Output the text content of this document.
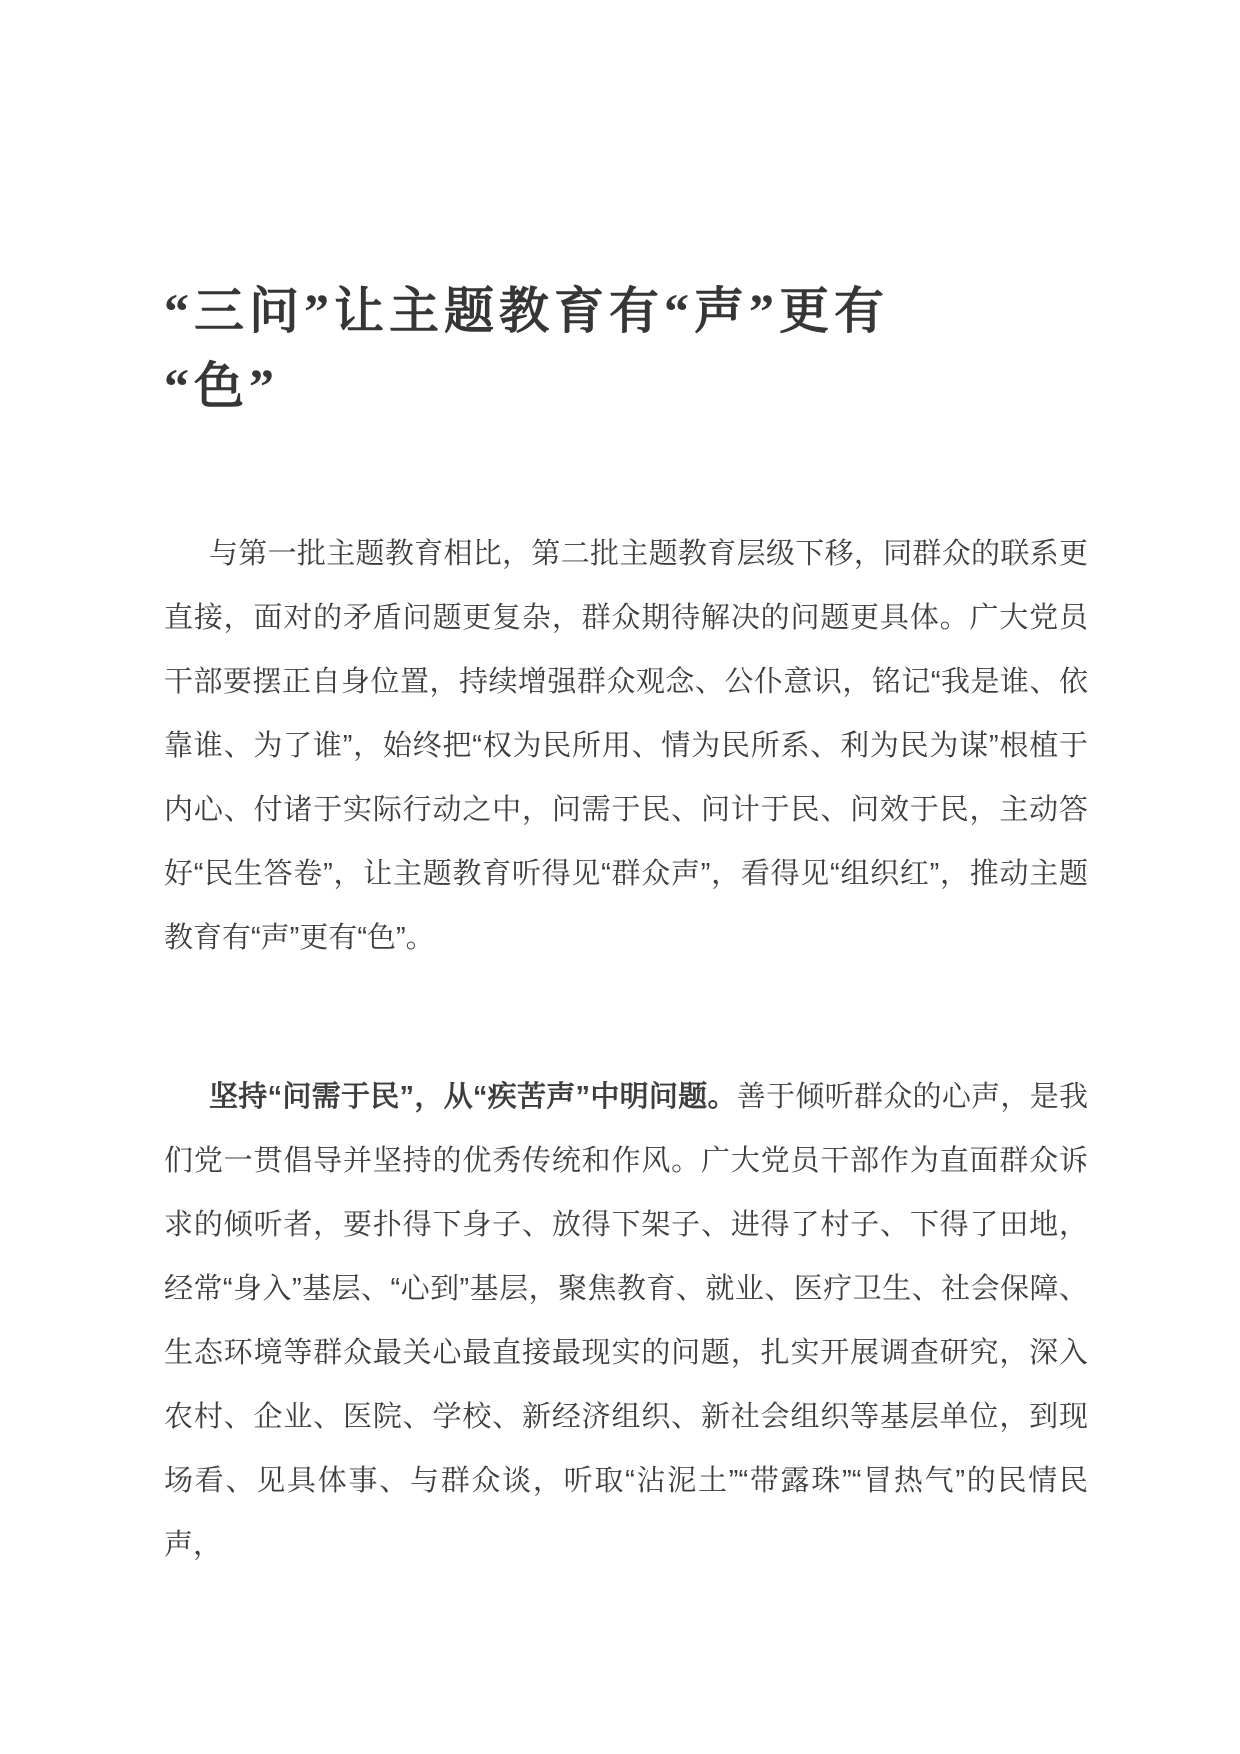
“三问”让主题教育有“声”更有
“色”

与第一批主题教育相比，第二批主题教育层级下移，同群众的联系更直接，面对的矛盾问题更复杂，群众期待解决的问题更具体。广大党员干部要摆正自身位置，持续增强群众观念、公仆意识，铭记“我是谁、依靠谁、为了谁”，始终把“权为民所用、情为民所系、利为民为谋”根植于内心、付诸于实际行动之中，问需于民、问计于民、问效于民，主动答好“民生答卷”，让主题教育听得见“群众声”，看得见“组织红”，推动主题教育有“声”更有“色”。

坚持“问需于民”，从“疾苦声”中明问题。善于倾听群众的心声，是我们党一贯倡导并坚持的优秀传统和作风。广大党员干部作为直面群众诉求的倾听者，要扑得下身子、放得下架子、进得了村子、下得了田地，经常“身入”基层、“心到”基层，聚焦教育、就业、医疗卫生、社会保障、生态环境等群众最关心最直接最现实的问题，扎实开展调查研究，深入农村、企业、医院、学校、新经济组织、新社会组织等基层单位，到现场看、见具体事、与群众谈，听取“沾泥土”“带露珠”“冒热气”的民情民声，
